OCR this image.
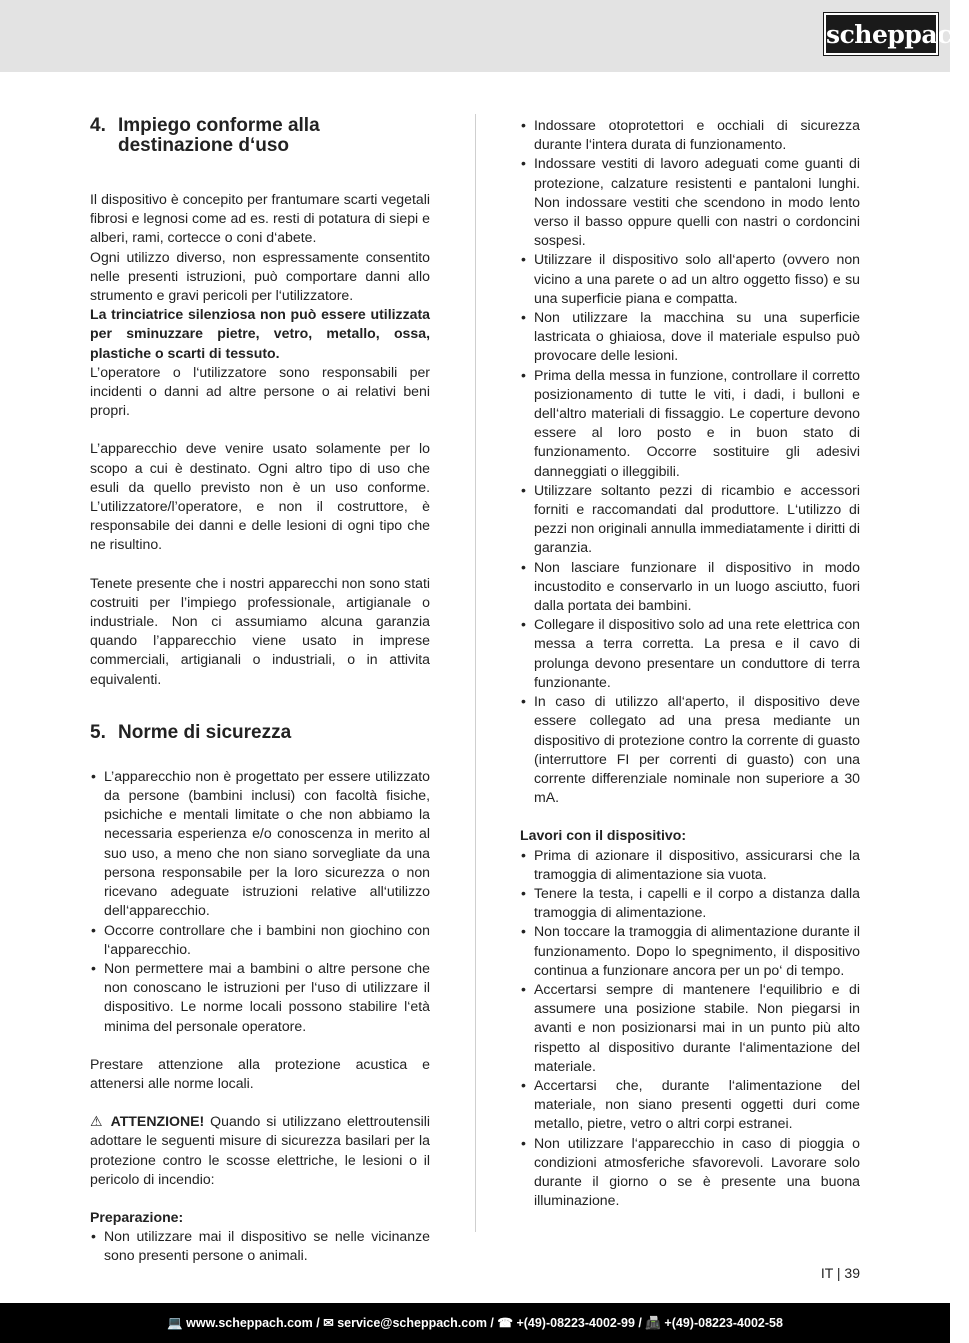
scheppach
4. Impiego conforme alla destinazione d‘uso

Il dispositivo è concepito per frantumare scarti vegetali fibrosi e legnosi come ad es. resti di potatura di siepi e alberi, rami, cortecce o coni d‘abete.

Ogni utilizzo diverso, non espressamente consentito nelle presenti istruzioni, può comportare danni allo strumento e gravi pericoli per l‘utilizzatore.

La trinciatrice silenziosa non può essere utilizzata per sminuzzare pietre, vetro, metallo, ossa, plastiche o scarti di tessuto.

L’operatore o l‘utilizzatore sono responsabili per incidenti o danni ad altre persone o ai relativi beni propri.

L’apparecchio deve venire usato solamente per lo scopo a cui è destinato. Ogni altro tipo di uso che esuli da quello previsto non è un uso conforme. L’utilizzatore/l’operatore, e non il costruttore, è responsabile dei danni e delle lesioni di ogni tipo che ne risultino.

Tenete presente che i nostri apparecchi non sono stati costruiti per l’impiego professionale, artigianale o industriale. Non ci assumiamo alcuna garanzia quando l’apparecchio viene usato in imprese commerciali, artigianali o industriali, o in attivita equivalenti.

5. Norme di sicurezza
• L’apparecchio non è progettato per essere utilizzato da persone (bambini inclusi) con facoltà fisiche, psichiche e mentali limitate o che non abbiamo la necessaria esperienza e/o conoscenza in merito al suo uso, a meno che non siano sorvegliate da una persona responsabile per la loro sicurezza o non ricevano adeguate istruzioni relative all‘utilizzo dell‘apparecchio.
• Occorre controllare che i bambini non giochino con l‘apparecchio.
• Non permettere mai a bambini o altre persone che non conoscano le istruzioni per l‘uso di utilizzare il dispositivo. Le norme locali possono stabilire l‘età minima del personale operatore.

Prestare attenzione alla protezione acustica e attenersi alle norme locali.

⚠ ATTENZIONE! Quando si utilizzano elettroutensili adottare le seguenti misure di sicurezza basilari per la protezione contro le scosse elettriche, le lesioni o il pericolo di incendio:

Preparazione:

• Non utilizzare mai il dispositivo se nelle vicinanze sono presenti persone o animali.
• Indossare otoprotettori e occhiali di sicurezza durante l‘intera durata di funzionamento.
• Indossare vestiti di lavoro adeguati come guanti di protezione, calzature resistenti e pantaloni lunghi. Non indossare vestiti che scendono in modo lento verso il basso oppure quelli con nastri o cordoncini sospesi.
• Utilizzare il dispositivo solo all‘aperto (ovvero non vicino a una parete o ad un altro oggetto fisso) e su una superficie piana e compatta.
• Non utilizzare la macchina su una superficie lastricata o ghiaiosa, dove il materiale espulso può provocare delle lesioni.
• Prima della messa in funzione, controllare il corretto posizionamento di tutte le viti, i dadi, i bulloni e dell‘altro materiali di fissaggio. Le coperture devono essere al loro posto e in buon stato di funzionamento. Occorre sostituire gli adesivi danneggiati o illeggibili.
• Utilizzare soltanto pezzi di ricambio e accessori forniti e raccomandati dal produttore. L‘utilizzo di pezzi non originali annulla immediatamente i diritti di garanzia.
• Non lasciare funzionare il dispositivo in modo incustodito e conservarlo in un luogo asciutto, fuori dalla portata dei bambini.
• Collegare il dispositivo solo ad una rete elettrica con messa a terra corretta. La presa e il cavo di prolunga devono presentare un conduttore di terra funzionante.
• In caso di utilizzo all‘aperto, il dispositivo deve essere collegato ad una presa mediante un dispositivo di protezione contro la corrente di guasto (interruttore FI per correnti di guasto) con una corrente differenziale nominale non superiore a 30 mA.

Lavori con il dispositivo:

• Prima di azionare il dispositivo, assicurarsi che la tramoggia di alimentazione sia vuota.
• Tenere la testa, i capelli e il corpo a distanza dalla tramoggia di alimentazione.
• Non toccare la tramoggia di alimentazione durante il funzionamento. Dopo lo spegnimento, il dispositivo continua a funzionare ancora per un po‘ di tempo.
• Accertarsi sempre di mantenere l‘equilibrio e di assumere una posizione stabile. Non piegarsi in avanti e non posizionarsi mai in un punto più alto rispetto al dispositivo durante l‘alimentazione del materiale.
• Accertarsi che, durante l‘alimentazione del materiale, non siano presenti oggetti duri come metallo, pietre, vetro o altri corpi estranei.
• Non utilizzare l‘apparecchio in caso di pioggia o condizioni atmosferiche sfavorevoli. Lavorare solo durante il giorno o se è presente una buona illuminazione.
IT | 39
💻 www.scheppach.com / ✉ service@scheppach.com / ☎ +(49)-08223-4002-99 / 📠 +(49)-08223-4002-58
